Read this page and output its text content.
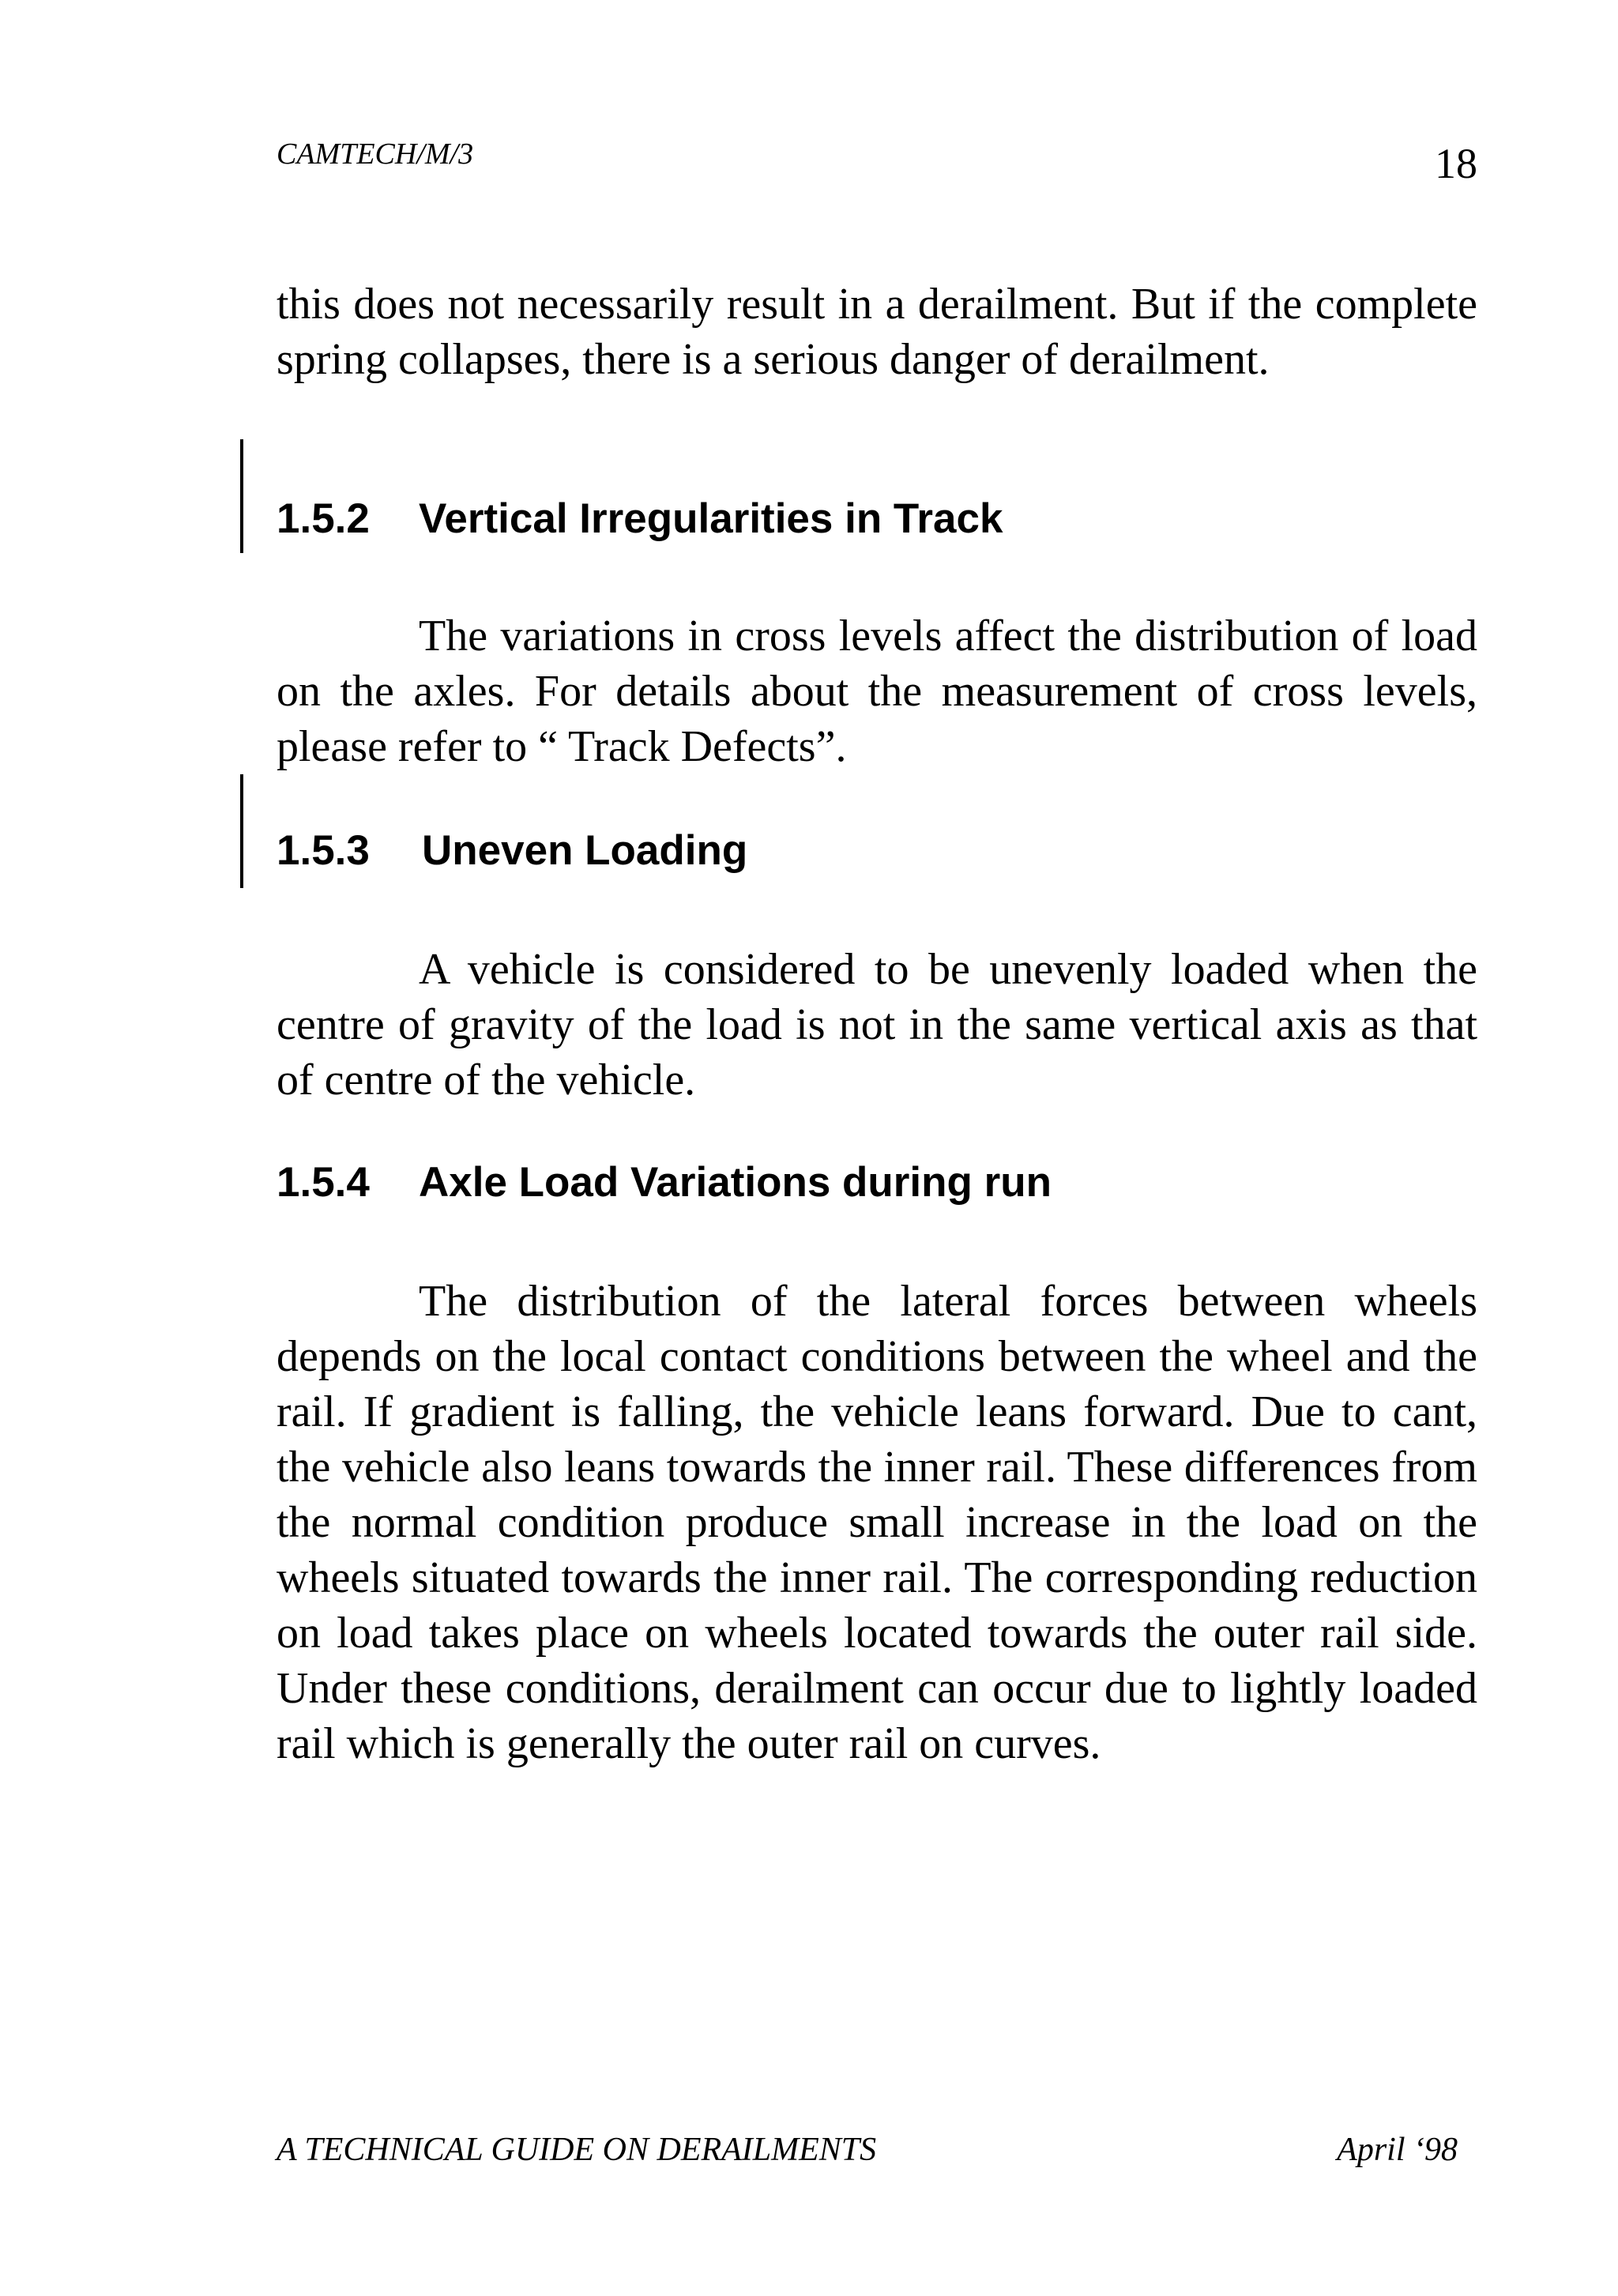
CAMTECH/M/3	18

this does not necessarily result in a derailment. But if the complete spring collapses, there is a serious danger of derailment.

1.5.2 Vertical Irregularities in Track

The variations in cross levels affect the distribution of load on the axles. For details about the measurement of cross levels, please refer to “ Track Defects”.

1.5.3 Uneven Loading

A vehicle is considered to be unevenly loaded when the centre of gravity of the load is not in the same vertical axis as that of centre of the vehicle.

1.5.4 Axle Load Variations during run

The distribution of the lateral forces between wheels depends on the local contact conditions between the wheel and the rail. If gradient is falling, the vehicle leans forward. Due to cant, the vehicle also leans towards the inner rail. These differences from the normal condition produce small increase in the load on the wheels situated towards the inner rail. The corresponding reduction on load takes place on wheels located towards the outer rail side. Under these conditions, derailment can occur due to lightly loaded rail which is generally the outer rail on curves.

A TECHNICAL GUIDE ON DERAILMENTS	April ‘98
